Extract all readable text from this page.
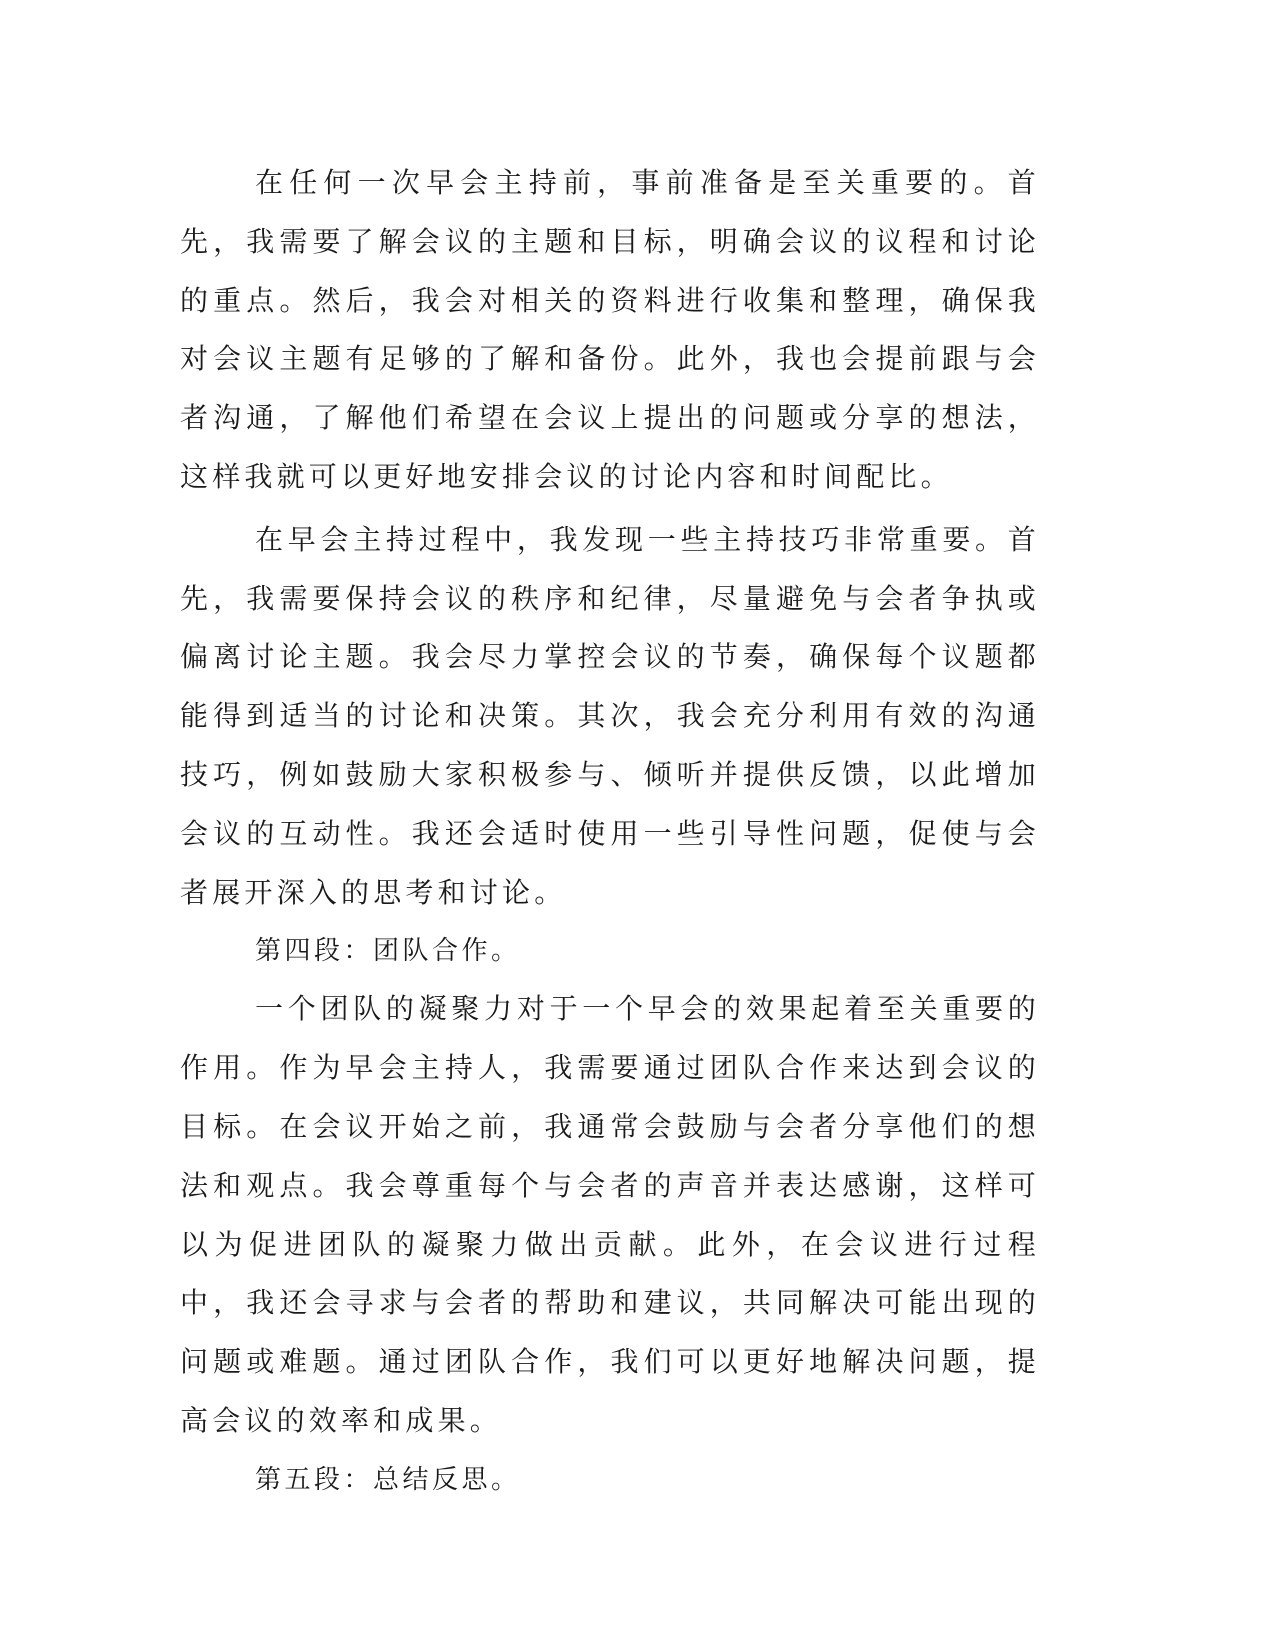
在任何一次早会主持前，事前准备是至关重要的。首先，我需要了解会议的主题和目标，明确会议的议程和讨论的重点。然后，我会对相关的资料进行收集和整理，确保我对会议主题有足够的了解和备份。此外，我也会提前跟与会者沟通，了解他们希望在会议上提出的问题或分享的想法，这样我就可以更好地安排会议的讨论内容和时间配比。

在早会主持过程中，我发现一些主持技巧非常重要。首先，我需要保持会议的秩序和纪律，尽量避免与会者争执或偏离讨论主题。我会尽力掌控会议的节奏，确保每个议题都能得到适当的讨论和决策。其次，我会充分利用有效的沟通技巧，例如鼓励大家积极参与、倾听并提供反馈，以此增加会议的互动性。我还会适时使用一些引导性问题，促使与会者展开深入的思考和讨论。

第四段：团队合作。

一个团队的凝聚力对于一个早会的效果起着至关重要的作用。作为早会主持人，我需要通过团队合作来达到会议的目标。在会议开始之前，我通常会鼓励与会者分享他们的想法和观点。我会尊重每个与会者的声音并表达感谢，这样可以为促进团队的凝聚力做出贡献。此外，在会议进行过程中，我还会寻求与会者的帮助和建议，共同解决可能出现的问题或难题。通过团队合作，我们可以更好地解决问题，提高会议的效率和成果。

第五段：总结反思。
